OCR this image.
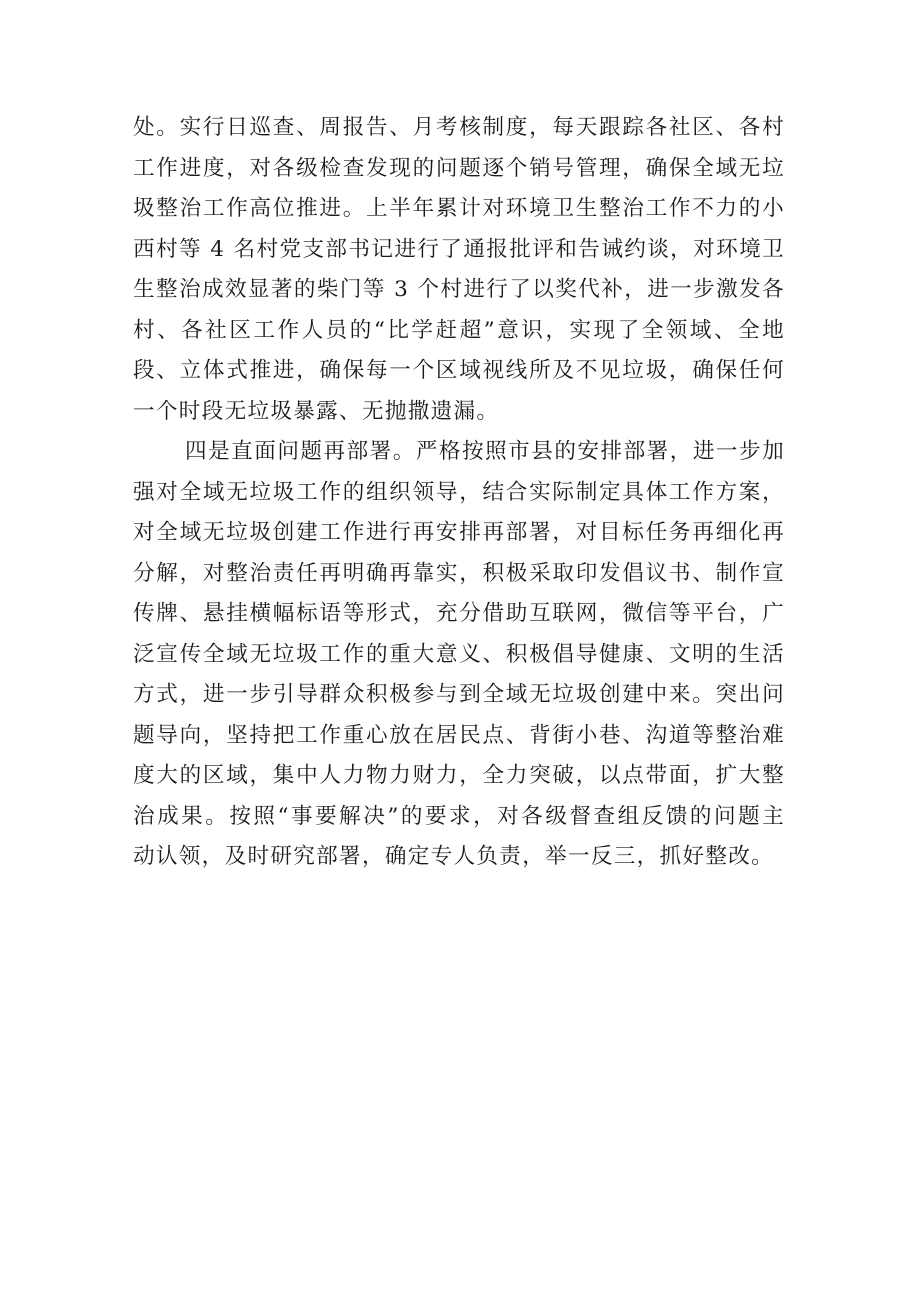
处。实行日巡查、周报告、月考核制度，每天跟踪各社区、各村
工作进度，对各级检查发现的问题逐个销号管理，确保全域无垃
圾整治工作高位推进。上半年累计对环境卫生整治工作不力的小
西村等 4 名村党支部书记进行了通报批评和告诫约谈，对环境卫
生整治成效显著的柴门等 3 个村进行了以奖代补，进一步激发各
村、各社区工作人员的“比学赶超”意识，实现了全领域、全地
段、立体式推进，确保每一个区域视线所及不见垃圾，确保任何
一个时段无垃圾暴露、无抛撒遗漏。
四是直面问题再部署。严格按照市县的安排部署，进一步加
强对全域无垃圾工作的组织领导，结合实际制定具体工作方案，
对全域无垃圾创建工作进行再安排再部署，对目标任务再细化再
分解，对整治责任再明确再靠实，积极采取印发倡议书、制作宣
传牌、悬挂横幅标语等形式，充分借助互联网，微信等平台，广
泛宣传全域无垃圾工作的重大意义、积极倡导健康、文明的生活
方式，进一步引导群众积极参与到全域无垃圾创建中来。突出问
题导向，坚持把工作重心放在居民点、背街小巷、沟道等整治难
度大的区域，集中人力物力财力，全力突破，以点带面，扩大整
治成果。按照“事要解决”的要求，对各级督查组反馈的问题主
动认领，及时研究部署，确定专人负责，举一反三，抓好整改。
